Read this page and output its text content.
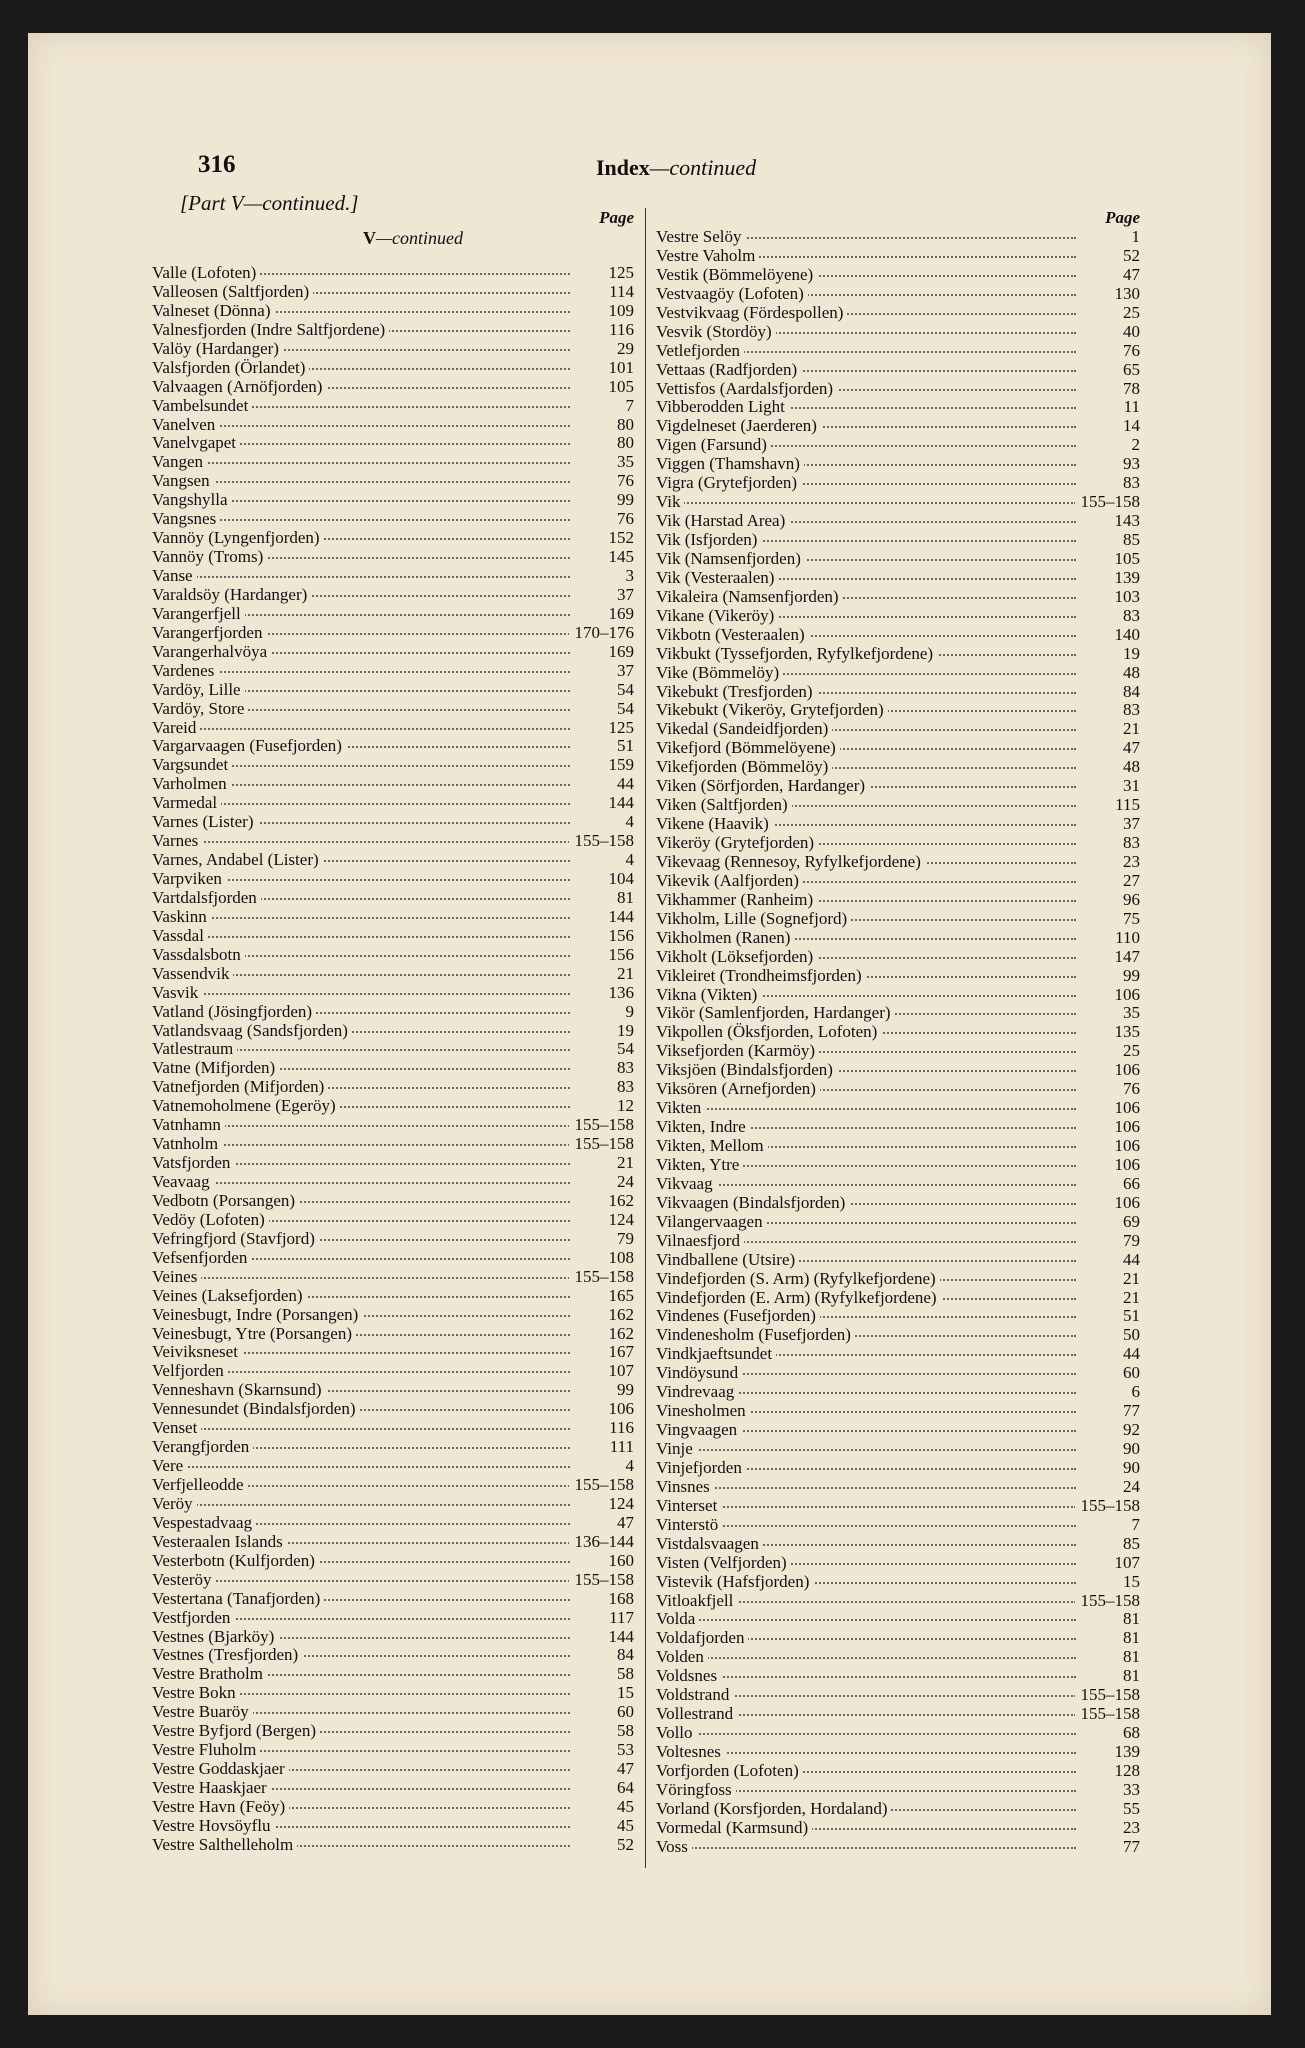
316	Index—continued
[Part V—continued.]
Page
V—continued
Valle (Lofoten)	125
Valleosen (Saltfjorden)	114
Valneset (Dönna)	109
Valnesfjorden (Indre Saltfjordene)	116
Valöy (Hardanger)	29
Valsfjorden (Örlandet)	101
Valvaagen (Arnöfjorden)	105
Vambelsundet	7
Vanelven	80
Vanelvgapet	80
Vangen	35
Vangsen	76
Vangshylla	99
Vangsnes	76
Vannöy (Lyngenfjorden)	152
Vannöy (Troms)	145
Vanse	3
Varaldsöy (Hardanger)	37
Varangerfjell	169
Varangerfjorden	170–176
Varangerhalvöya	169
Vardenes	37
Vardöy, Lille	54
Vardöy, Store	54
Vareid	125
Vargarvaagen (Fusefjorden)	51
Vargsundet	159
Varholmen	44
Varmedal	144
Varnes (Lister)	4
Varnes	155–158
Varnes, Andabel (Lister)	4
Varpviken	104
Vartdalsfjorden	81
Vaskinn	144
Vassdal	156
Vassdalsbotn	156
Vassendvik	21
Vasvik	136
Vatland (Jösingfjorden)	9
Vatlandsvaag (Sandsfjorden)	19
Vatlestraum	54
Vatne (Mifjorden)	83
Vatnefjorden (Mifjorden)	83
Vatnemoholmene (Egeröy)	12
Vatnhamn	155–158
Vatnholm	155–158
Vatsfjorden	21
Veavaag	24
Vedbotn (Porsangen)	162
Vedöy (Lofoten)	124
Vefringfjord (Stavfjord)	79
Vefsenfjorden	108
Veines	155–158
Veines (Laksefjorden)	165
Veinesbugt, Indre (Porsangen)	162
Veinesbugt, Ytre (Porsangen)	162
Veiviksneset	167
Velfjorden	107
Venneshavn (Skarnsund)	99
Vennesundet (Bindalsfjorden)	106
Venset	116
Verangfjorden	111
Vere	4
Verfjelleodde	155–158
Veröy	124
Vespestadvaag	47
Vesteraalen Islands	136–144
Vesterbotn (Kulfjorden)	160
Vesteröy	155–158
Vestertana (Tanafjorden)	168
Vestfjorden	117
Vestnes (Bjarköy)	144
Vestnes (Tresfjorden)	84
Vestre Bratholm	58
Vestre Bokn	15
Vestre Buaröy	60
Vestre Byfjord (Bergen)	58
Vestre Fluholm	53
Vestre Goddaskjaer	47
Vestre Haaskjaer	64
Vestre Havn (Feöy)	45
Vestre Hovsöyflu	45
Vestre Salthelleholm	52
Page
Vestre Selöy	1
Vestre Vaholm	52
Vestik (Bömmelöyene)	47
Vestvaagöy (Lofoten)	130
Vestvikvaag (Fördespollen)	25
Vesvik (Stordöy)	40
Vetlefjorden	76
Vettaas (Radfjorden)	65
Vettisfos (Aardalsfjorden)	78
Vibberodden Light	11
Vigdelneset (Jaerderen)	14
Vigen (Farsund)	2
Viggen (Thamshavn)	93
Vigra (Grytefjorden)	83
Vik	155–158
Vik (Harstad Area)	143
Vik (Isfjorden)	85
Vik (Namsenfjorden)	105
Vik (Vesteraalen)	139
Vikaleira (Namsenfjorden)	103
Vikane (Vikeröy)	83
Vikbotn (Vesteraalen)	140
Vikbukt (Tyssefjorden, Ryfylkefjordene)	19
Vike (Bömmelöy)	48
Vikebukt (Tresfjorden)	84
Vikebukt (Vikeröy, Grytefjorden)	83
Vikedal (Sandeidfjorden)	21
Vikefjord (Bömmelöyene)	47
Vikefjorden (Bömmelöy)	48
Viken (Sörfjorden, Hardanger)	31
Viken (Saltfjorden)	115
Vikene (Haavik)	37
Vikeröy (Grytefjorden)	83
Vikevaag (Rennesoy, Ryfylkefjordene)	23
Vikevik (Aalfjorden)	27
Vikhammer (Ranheim)	96
Vikholm, Lille (Sognefjord)	75
Vikholmen (Ranen)	110
Vikholt (Löksefjorden)	147
Vikleiret (Trondheimsfjorden)	99
Vikna (Vikten)	106
Vikör (Samlenfjorden, Hardanger)	35
Vikpollen (Öksfjorden, Lofoten)	135
Viksefjorden (Karmöy)	25
Viksjöen (Bindalsfjorden)	106
Viksören (Arnefjorden)	76
Vikten	106
Vikten, Indre	106
Vikten, Mellom	106
Vikten, Ytre	106
Vikvaag	66
Vikvaagen (Bindalsfjorden)	106
Vilangervaagen	69
Vilnaesfjord	79
Vindballene (Utsire)	44
Vindefjorden (S. Arm) (Ryfylkefjordene)	21
Vindefjorden (E. Arm) (Ryfylkefjordene)	21
Vindenes (Fusefjorden)	51
Vindenesholm (Fusefjorden)	50
Vindkjaeftsundet	44
Vindöysund	60
Vindrevaag	6
Vinesholmen	77
Vingvaagen	92
Vinje	90
Vinjefjorden	90
Vinsnes	24
Vinterset	155–158
Vinterstö	7
Vistdalsvaagen	85
Visten (Velfjorden)	107
Vistevik (Hafsfjorden)	15
Vitloakfjell	155–158
Volda	81
Voldafjorden	81
Volden	81
Voldsnes	81
Voldstrand	155–158
Vollestrand	155–158
Vollo	68
Voltesnes	139
Vorfjorden (Lofoten)	128
Vöringfoss	33
Vorland (Korsfjorden, Hordaland)	55
Vormedal (Karmsund)	23
Voss	77
